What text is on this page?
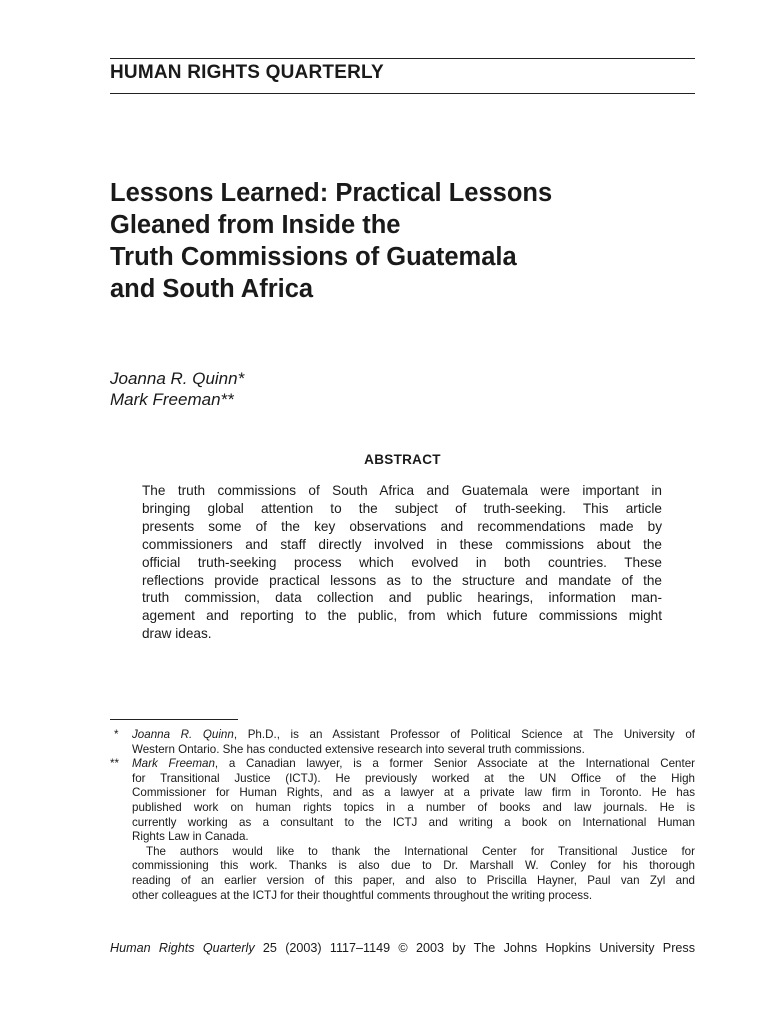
HUMAN RIGHTS QUARTERLY
Lessons Learned: Practical Lessons
Gleaned from Inside the
Truth Commissions of Guatemala
and South Africa
Joanna R. Quinn*
Mark Freeman**
ABSTRACT
The truth commissions of South Africa and Guatemala were important in
bringing global attention to the subject of truth-seeking. This article
presents some of the key observations and recommendations made by
commissioners and staff directly involved in these commissions about the
official truth-seeking process which evolved in both countries. These
reflections provide practical lessons as to the structure and mandate of the
truth commission, data collection and public hearings, information man-
agement and reporting to the public, from which future commissions might
draw ideas.
*	Joanna R. Quinn, Ph.D., is an Assistant Professor of Political Science at The University of
Western Ontario. She has conducted extensive research into several truth commissions.
**	Mark Freeman, a Canadian lawyer, is a former Senior Associate at the International Center
for Transitional Justice (ICTJ). He previously worked at the UN Office of the High
Commissioner for Human Rights, and as a lawyer at a private law firm in Toronto. He has
published work on human rights topics in a number of books and law journals. He is
currently working as a consultant to the ICTJ and writing a book on International Human
Rights Law in Canada.
The authors would like to thank the International Center for Transitional Justice for
commissioning this work. Thanks is also due to Dr. Marshall W. Conley for his thorough
reading of an earlier version of this paper, and also to Priscilla Hayner, Paul van Zyl and
other colleagues at the ICTJ for their thoughtful comments throughout the writing process.
Human Rights Quarterly 25 (2003) 1117–1149 © 2003 by The Johns Hopkins University Press
